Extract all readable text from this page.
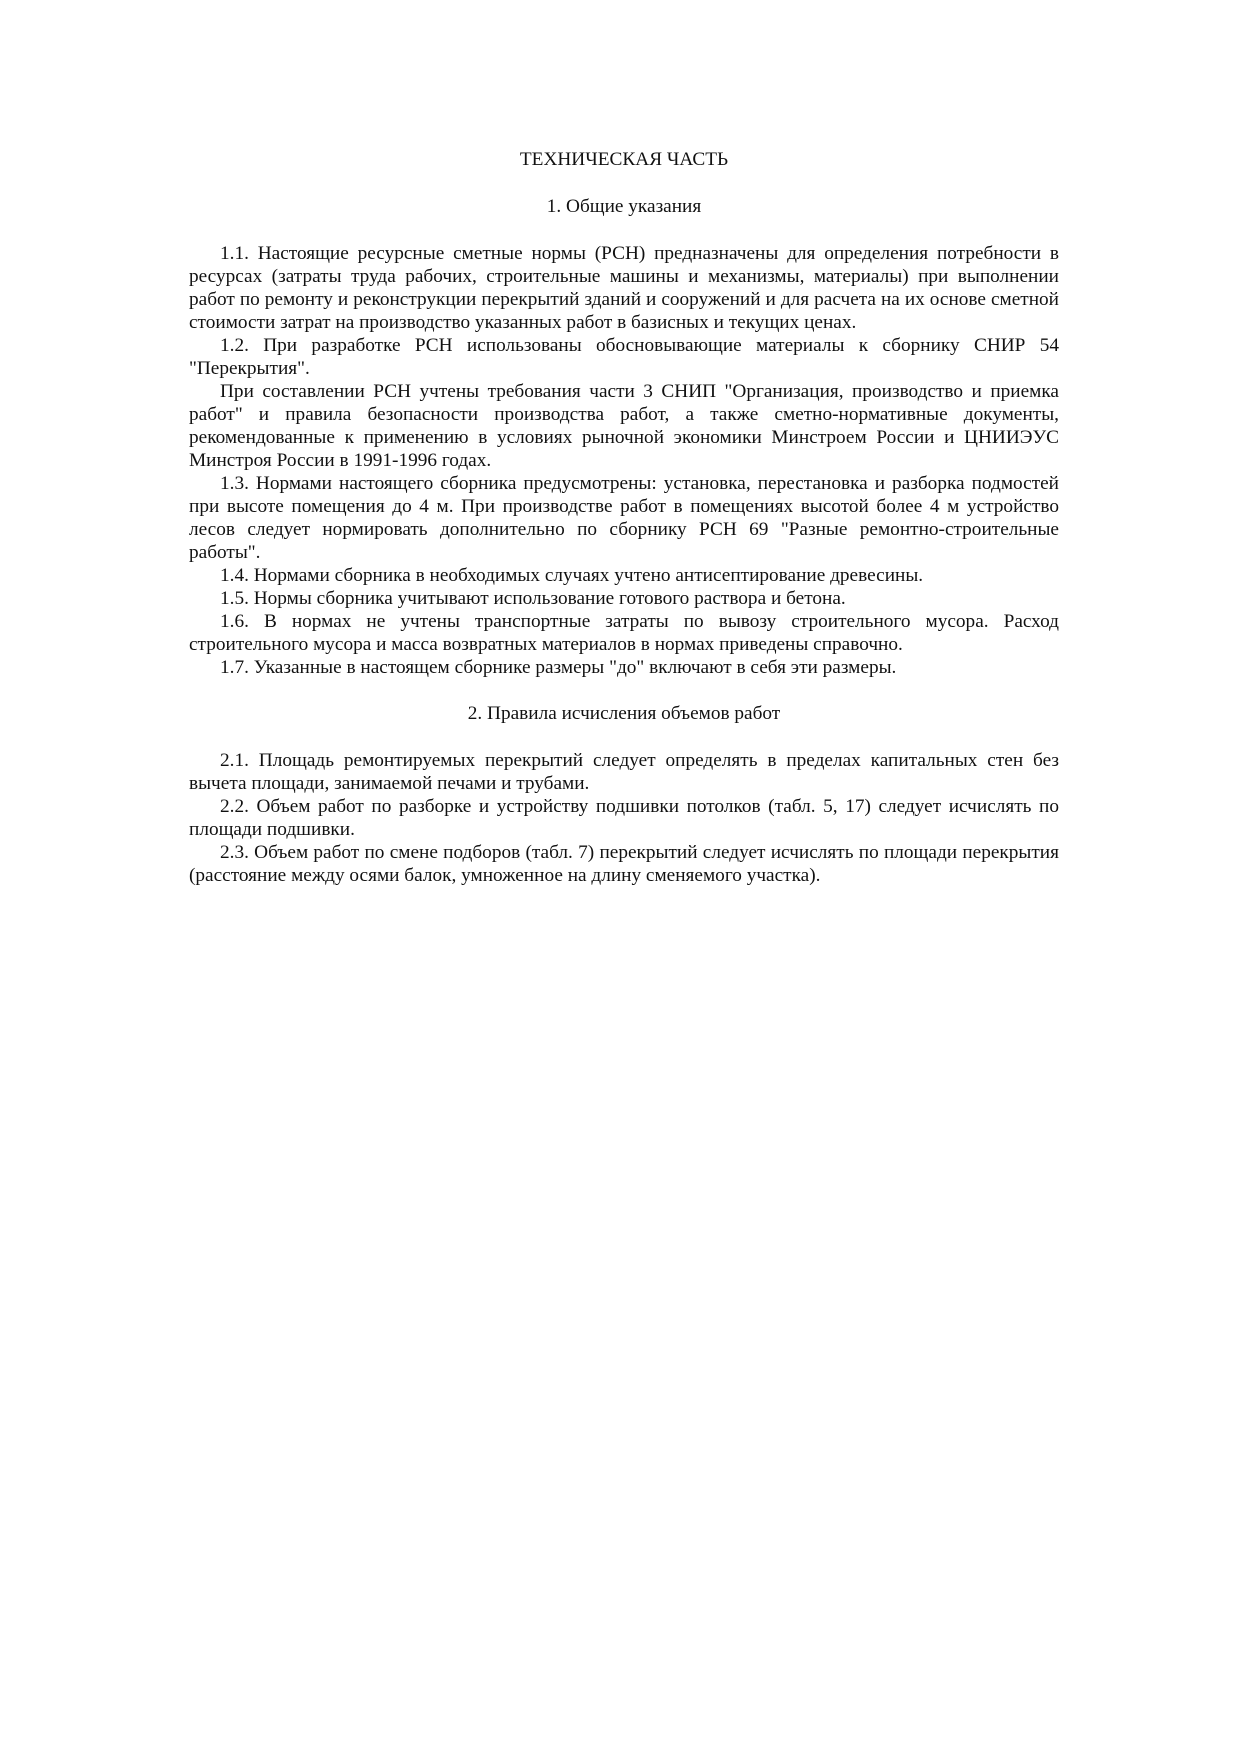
ТЕХНИЧЕСКАЯ ЧАСТЬ

1. Общие указания

1.1. Настоящие ресурсные сметные нормы (РСН) предназначены для определения потребности в ресурсах (затраты труда рабочих, строительные машины и механизмы, материалы) при выполнении работ по ремонту и реконструкции перекрытий зданий и сооружений и для расчета на их основе сметной стоимости затрат на производство указанных работ в базисных и текущих ценах.

1.2. При разработке РСН использованы обосновывающие материалы к сборнику СНИР 54 "Перекрытия".

При составлении РСН учтены требования части 3 СНИП "Организация, производство и приемка работ" и правила безопасности производства работ, а также сметно-нормативные документы, рекомендованные к применению в условиях рыночной экономики Минстроем России и ЦНИИЭУС Минстроя России в 1991-1996 годах.

1.3. Нормами настоящего сборника предусмотрены: установка, перестановка и разборка подмостей при высоте помещения до 4 м. При производстве работ в помещениях высотой более 4 м устройство лесов следует нормировать дополнительно по сборнику РСН 69 "Разные ремонтно-строительные работы".

1.4. Нормами сборника в необходимых случаях учтено антисептирование древесины.

1.5. Нормы сборника учитывают использование готового раствора и бетона.

1.6. В нормах не учтены транспортные затраты по вывозу строительного мусора. Расход строительного мусора и масса возвратных материалов в нормах приведены справочно.

1.7. Указанные в настоящем сборнике размеры "до" включают в себя эти размеры.

2. Правила исчисления объемов работ

2.1. Площадь ремонтируемых перекрытий следует определять в пределах капитальных стен без вычета площади, занимаемой печами и трубами.

2.2. Объем работ по разборке и устройству подшивки потолков (табл. 5, 17) следует исчислять по площади подшивки.

2.3. Объем работ по смене подборов (табл. 7) перекрытий следует исчислять по площади перекрытия (расстояние между осями балок, умноженное на длину сменяемого участка).
